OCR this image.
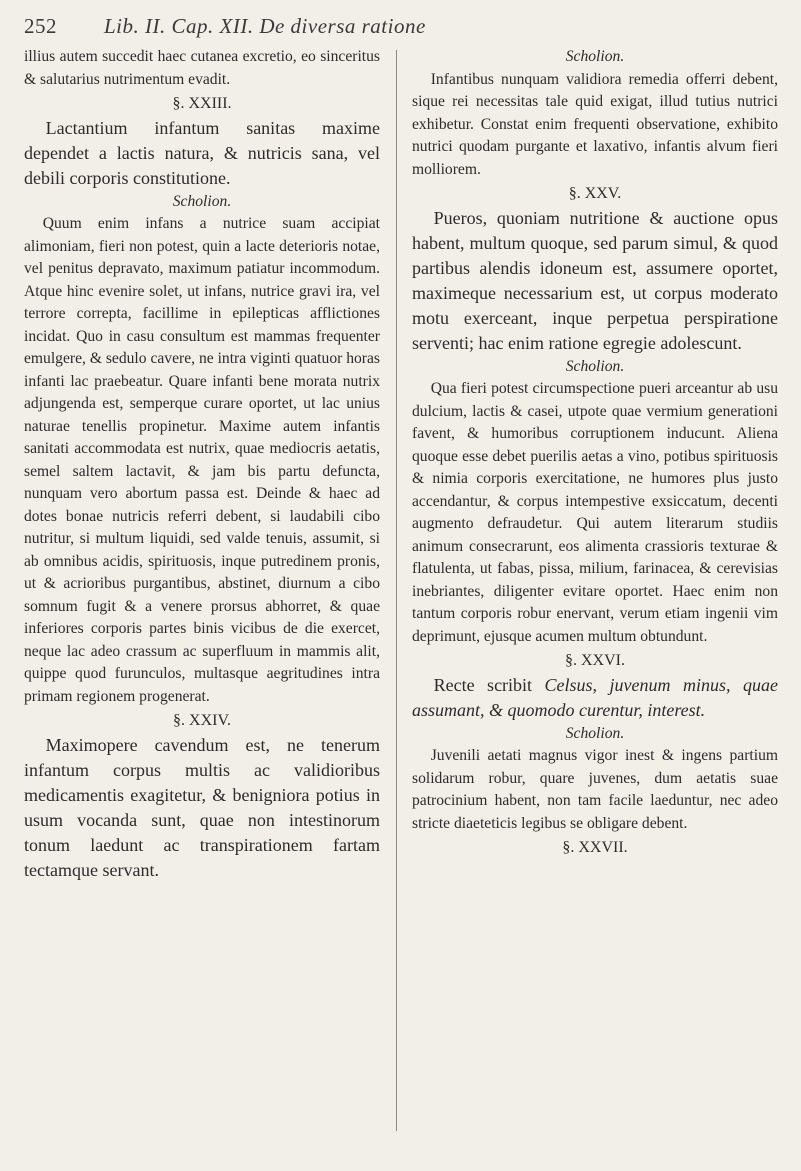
252 Lib. II. Cap. XII. De diversa ratione

illius autem succedit haec cutanea excretio, eo sinceritus & salutarius nutrimentum evadit.

§. XXIII.

Lactantium infantum sanitas maxime dependet a lactis natura, & nutricis sana, vel debili corporis constitutione.

Scholion.

Quum enim infans a nutrice suam accipiat alimoniam, fieri non potest, quin a lacte deterioris notae, vel penitus depravato, maximum patiatur incommodum. Atque hinc evenire solet, ut infans, nutrice gravi ira, vel terrore correpta, facillime in epilepticas afflictiones incidat. Quo in casu consultum est mammas frequenter emulgere, & sedulo cavere, ne intra viginti quatuor horas infanti lac praebeatur. Quare infanti bene morata nutrix adjungenda est, semperque curare oportet, ut lac unius naturae tenellis propinetur. Maxime autem infantis sanitati accommodata est nutrix, quae mediocris aetatis, semel saltem lactavit, & jam bis partu defuncta, nunquam vero abortum passa est. Deinde & haec ad dotes bonae nutricis referri debent, si laudabili cibo nutritur, si multum liquidi, sed valde tenuis, assumit, si ab omnibus acidis, spirituosis, inque putredinem pronis, ut & acrioribus purgantibus, abstinet, diurnum a cibo somnum fugit & a venere prorsus abhorret, & quae inferiores corporis partes binis vicibus de die exercet, neque lac adeo crassum ac superfluum in mammis alit, quippe quod furunculos, multasque aegritudines intra primam regionem progenerat.

§. XXIV.

Maximopere cavendum est, ne tenerum infantum corpus multis ac validioribus medicamentis exagitetur, & benigniora potius in usum vocanda sunt, quae non intestinorum tonum laedunt ac transpirationem fartam tectamque servant.

Scholion.

Infantibus nunquam validiora remedia offerri debent, sique rei necessitas tale quid exigat, illud tutius nutrici exhibetur. Constat enim frequenti observatione, exhibito nutrici quodam purgante et laxativo, infantis alvum fieri molliorem.

§. XXV.

Pueros, quoniam nutritione & auctione opus habent, multum quoque, sed parum simul, & quod partibus alendis idoneum est, assumere oportet, maximeque necessarium est, ut corpus moderato motu exerceant, inque perpetua perspiratione serventi; hac enim ratione egregie adolescunt.

Scholion.

Qua fieri potest circumspectione pueri arceantur ab usu dulcium, lactis & casei, utpote quae vermium generationi favent, & humoribus corruptionem inducunt. Aliena quoque esse debet puerilis aetas a vino, potibus spirituosis & nimia corporis exercitatione, ne humores plus justo accendantur, & corpus intempestive exsiccatum, decenti augmento defraudetur. Qui autem literarum studiis animum consecrarunt, eos alimenta crassioris texturae & flatulenta, ut fabas, pissa, milium, farinacea, & cerevisias inebriantes, diligenter evitare oportet. Haec enim non tantum corporis robur enervant, verum etiam ingenii vim deprimunt, ejusque acumen multum obtundunt.

§. XXVI.

Recte scribit Celsus, juvenum minus, quae assumant, & quomodo curentur, interest.

Scholion.

Juvenili aetati magnus vigor inest & ingens partium solidarum robur, quare juvenes, dum aetatis suae patrocinium habent, non tam facile laeduntur, nec adeo stricte diaeteticis legibus se obligare debent.

§. XXVII.
